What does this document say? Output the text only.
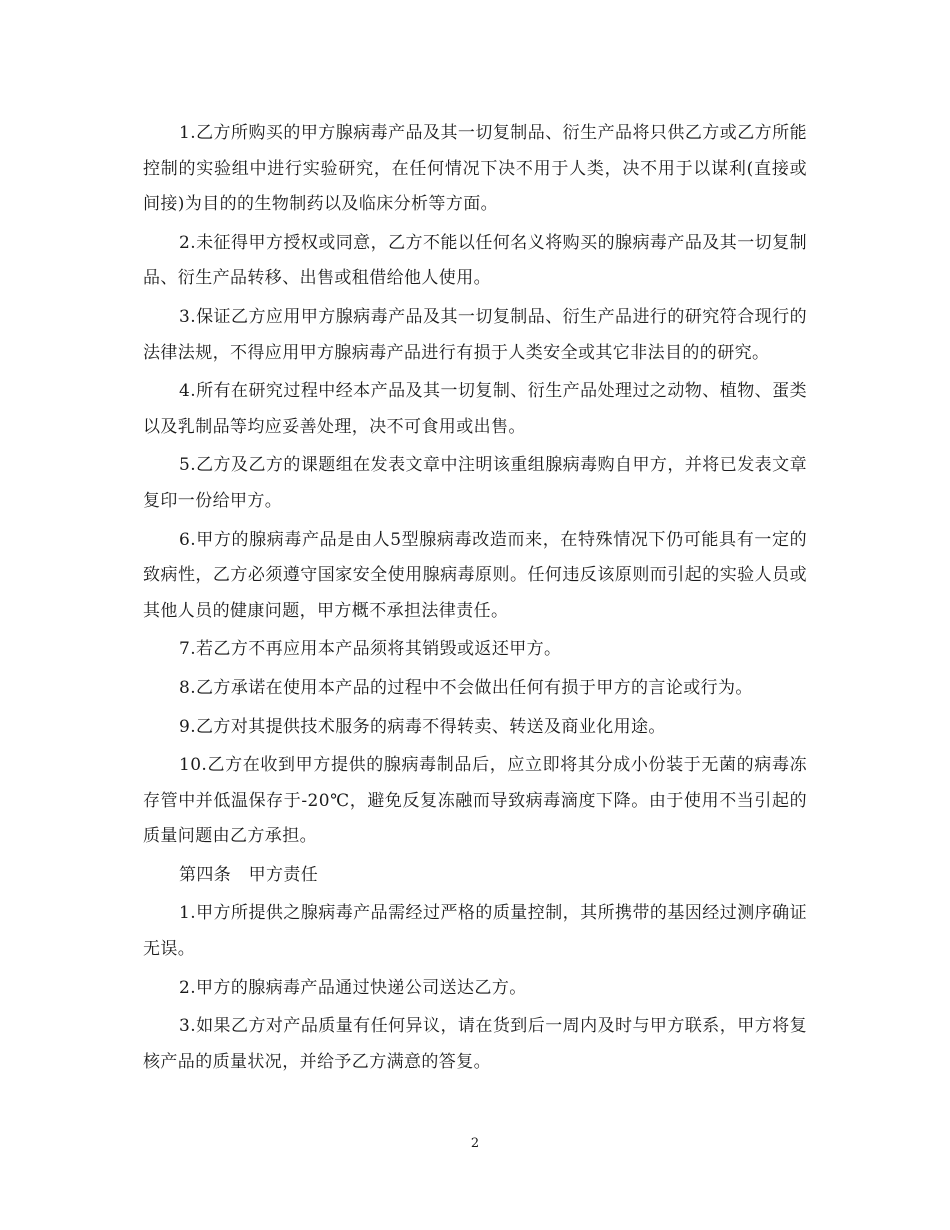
1.乙方所购买的甲方腺病毒产品及其一切复制品、衍生产品将只供乙方或乙方所能控制的实验组中进行实验研究，在任何情况下决不用于人类，决不用于以谋利(直接或间接)为目的的生物制药以及临床分析等方面。

2.未征得甲方授权或同意，乙方不能以任何名义将购买的腺病毒产品及其一切复制品、衍生产品转移、出售或租借给他人使用。

3.保证乙方应用甲方腺病毒产品及其一切复制品、衍生产品进行的研究符合现行的法律法规，不得应用甲方腺病毒产品进行有损于人类安全或其它非法目的的研究。

4.所有在研究过程中经本产品及其一切复制、衍生产品处理过之动物、植物、蛋类以及乳制品等均应妥善处理，决不可食用或出售。

5.乙方及乙方的课题组在发表文章中注明该重组腺病毒购自甲方，并将已发表文章复印一份给甲方。

6.甲方的腺病毒产品是由人5型腺病毒改造而来，在特殊情况下仍可能具有一定的致病性，乙方必须遵守国家安全使用腺病毒原则。任何违反该原则而引起的实验人员或其他人员的健康问题，甲方概不承担法律责任。

7.若乙方不再应用本产品须将其销毁或返还甲方。

8.乙方承诺在使用本产品的过程中不会做出任何有损于甲方的言论或行为。

9.乙方对其提供技术服务的病毒不得转卖、转送及商业化用途。

10.乙方在收到甲方提供的腺病毒制品后，应立即将其分成小份装于无菌的病毒冻存管中并低温保存于-20℃，避免反复冻融而导致病毒滴度下降。由于使用不当引起的质量问题由乙方承担。

第四条　甲方责任

1.甲方所提供之腺病毒产品需经过严格的质量控制，其所携带的基因经过测序确证无误。

2.甲方的腺病毒产品通过快递公司送达乙方。

3.如果乙方对产品质量有任何异议，请在货到后一周内及时与甲方联系，甲方将复核产品的质量状况，并给予乙方满意的答复。

2
